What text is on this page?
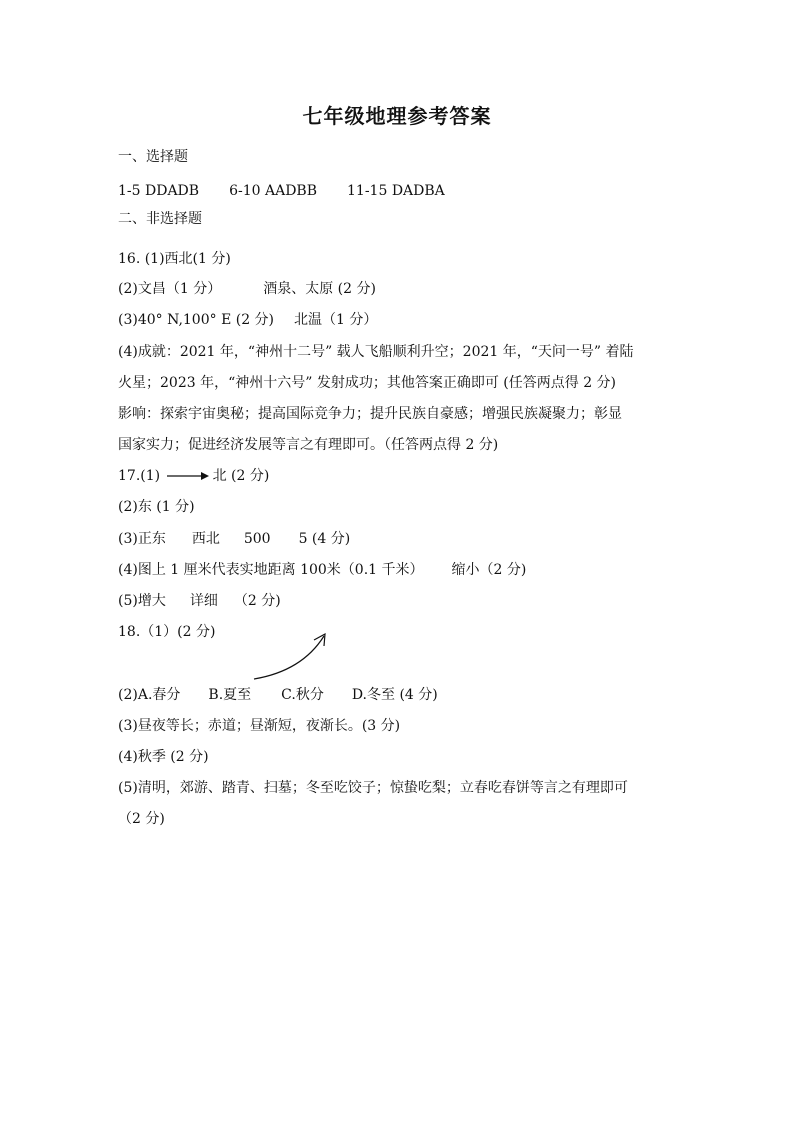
七年级地理参考答案
一、选择题
1-5 DDADB 6-10 AADBB 11-15 DADBA
二、非选择题
16. (1)西北(1 分)
(2)文昌（1 分）	酒泉、太原 (2 分)
(3)40° N,100° E (2 分) 北温（1 分）
(4)成就：2021 年，“神州十二号” 载人飞船顺利升空；2021 年，“天问一号” 着陆
火星；2023 年，“神州十六号” 发射成功；其他答案正确即可 (任答两点得 2 分)
影响：探索宇宙奥秘；提高国际竞争力；提升民族自豪感；增强民族凝聚力；彰显
国家实力；促进经济发展等言之有理即可。（任答两点得 2 分)
17.(1)	北 (2 分)
(2)东 (1 分)
(3)正东 西北 500 5 (4 分)
(4)图上 1 厘米代表实地距离 100米（0.1 千米） 缩小（2 分)
(5)增大 详细 （2 分)
18.（1）(2 分)
(2)A.春分 B.夏至 C.秋分 D.冬至 (4 分)
(3)昼夜等长；赤道；昼渐短，夜渐长。(3 分)
(4)秋季 (2 分)
(5)清明，郊游、踏青、扫墓；冬至吃饺子；惊蛰吃梨；立春吃春饼等言之有理即可
（2 分)
